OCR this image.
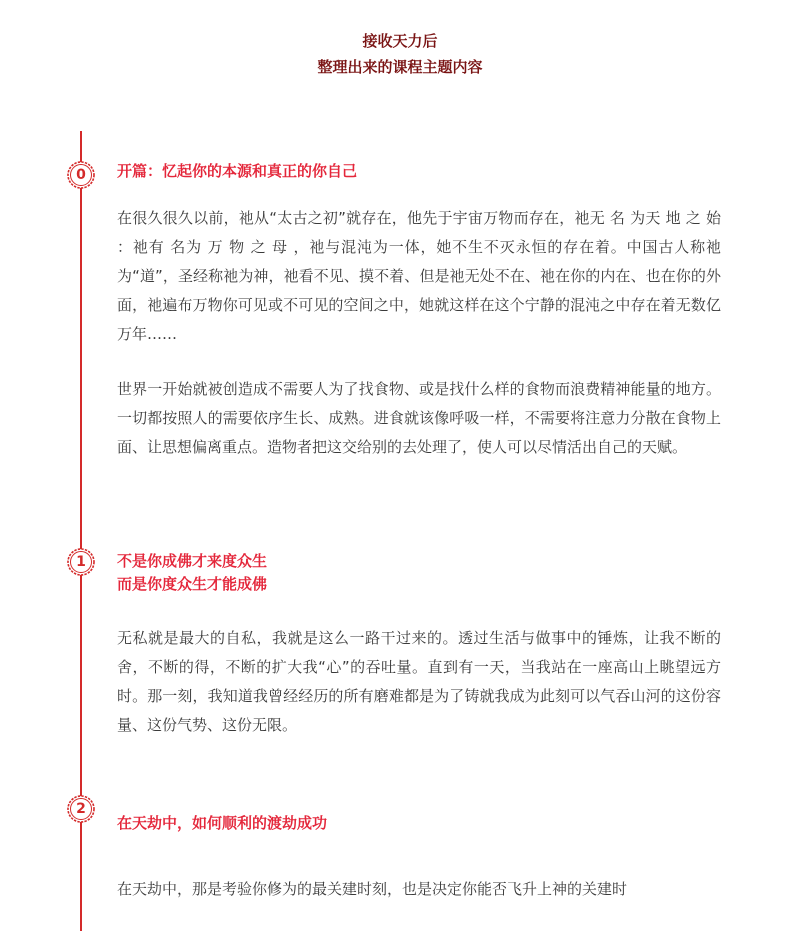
接收天力后
整理出来的课程主题内容
0	开篇：忆起你的本源和真正的你自己

在很久很久以前，祂从“太古之初”就存在，他先于宇宙万物而存在，祂无 名 为天 地 之 始 ：祂有 名为 万 物 之 母 ，祂与混沌为一体，她不生不灭永恒的存在着。中国古人称祂为“道”，圣经称祂为神，祂看不见、摸不着、但是祂无处不在、祂在你的内在、也在你的外面，祂遍布万物你可见或不可见的空间之中，她就这样在这个宁静的混沌之中存在着无数亿万年……

世界一开始就被创造成不需要人为了找食物、或是找什么样的食物而浪费精神能量的地方。一切都按照人的需要依序生长、成熟。进食就该像呼吸一样，不需要将注意力分散在食物上面、让思想偏离重点。造物者把这交给别的去处理了，使人可以尽情活出自己的天赋。

1	不是你成佛才来度众生
而是你度众生才能成佛

无私就是最大的自私，我就是这么一路干过来的。透过生活与做事中的锤炼，让我不断的舍，不断的得，不断的扩大我“心”的吞吐量。直到有一天，当我站在一座高山上眺望远方时。那一刻，我知道我曾经经历的所有磨难都是为了铸就我成为此刻可以气吞山河的这份容量、这份气势、这份无限。

2
在天劫中，如何顺利的渡劫成功

在天劫中，那是考验你修为的最关建时刻，也是决定你能否飞升上神的关建时
